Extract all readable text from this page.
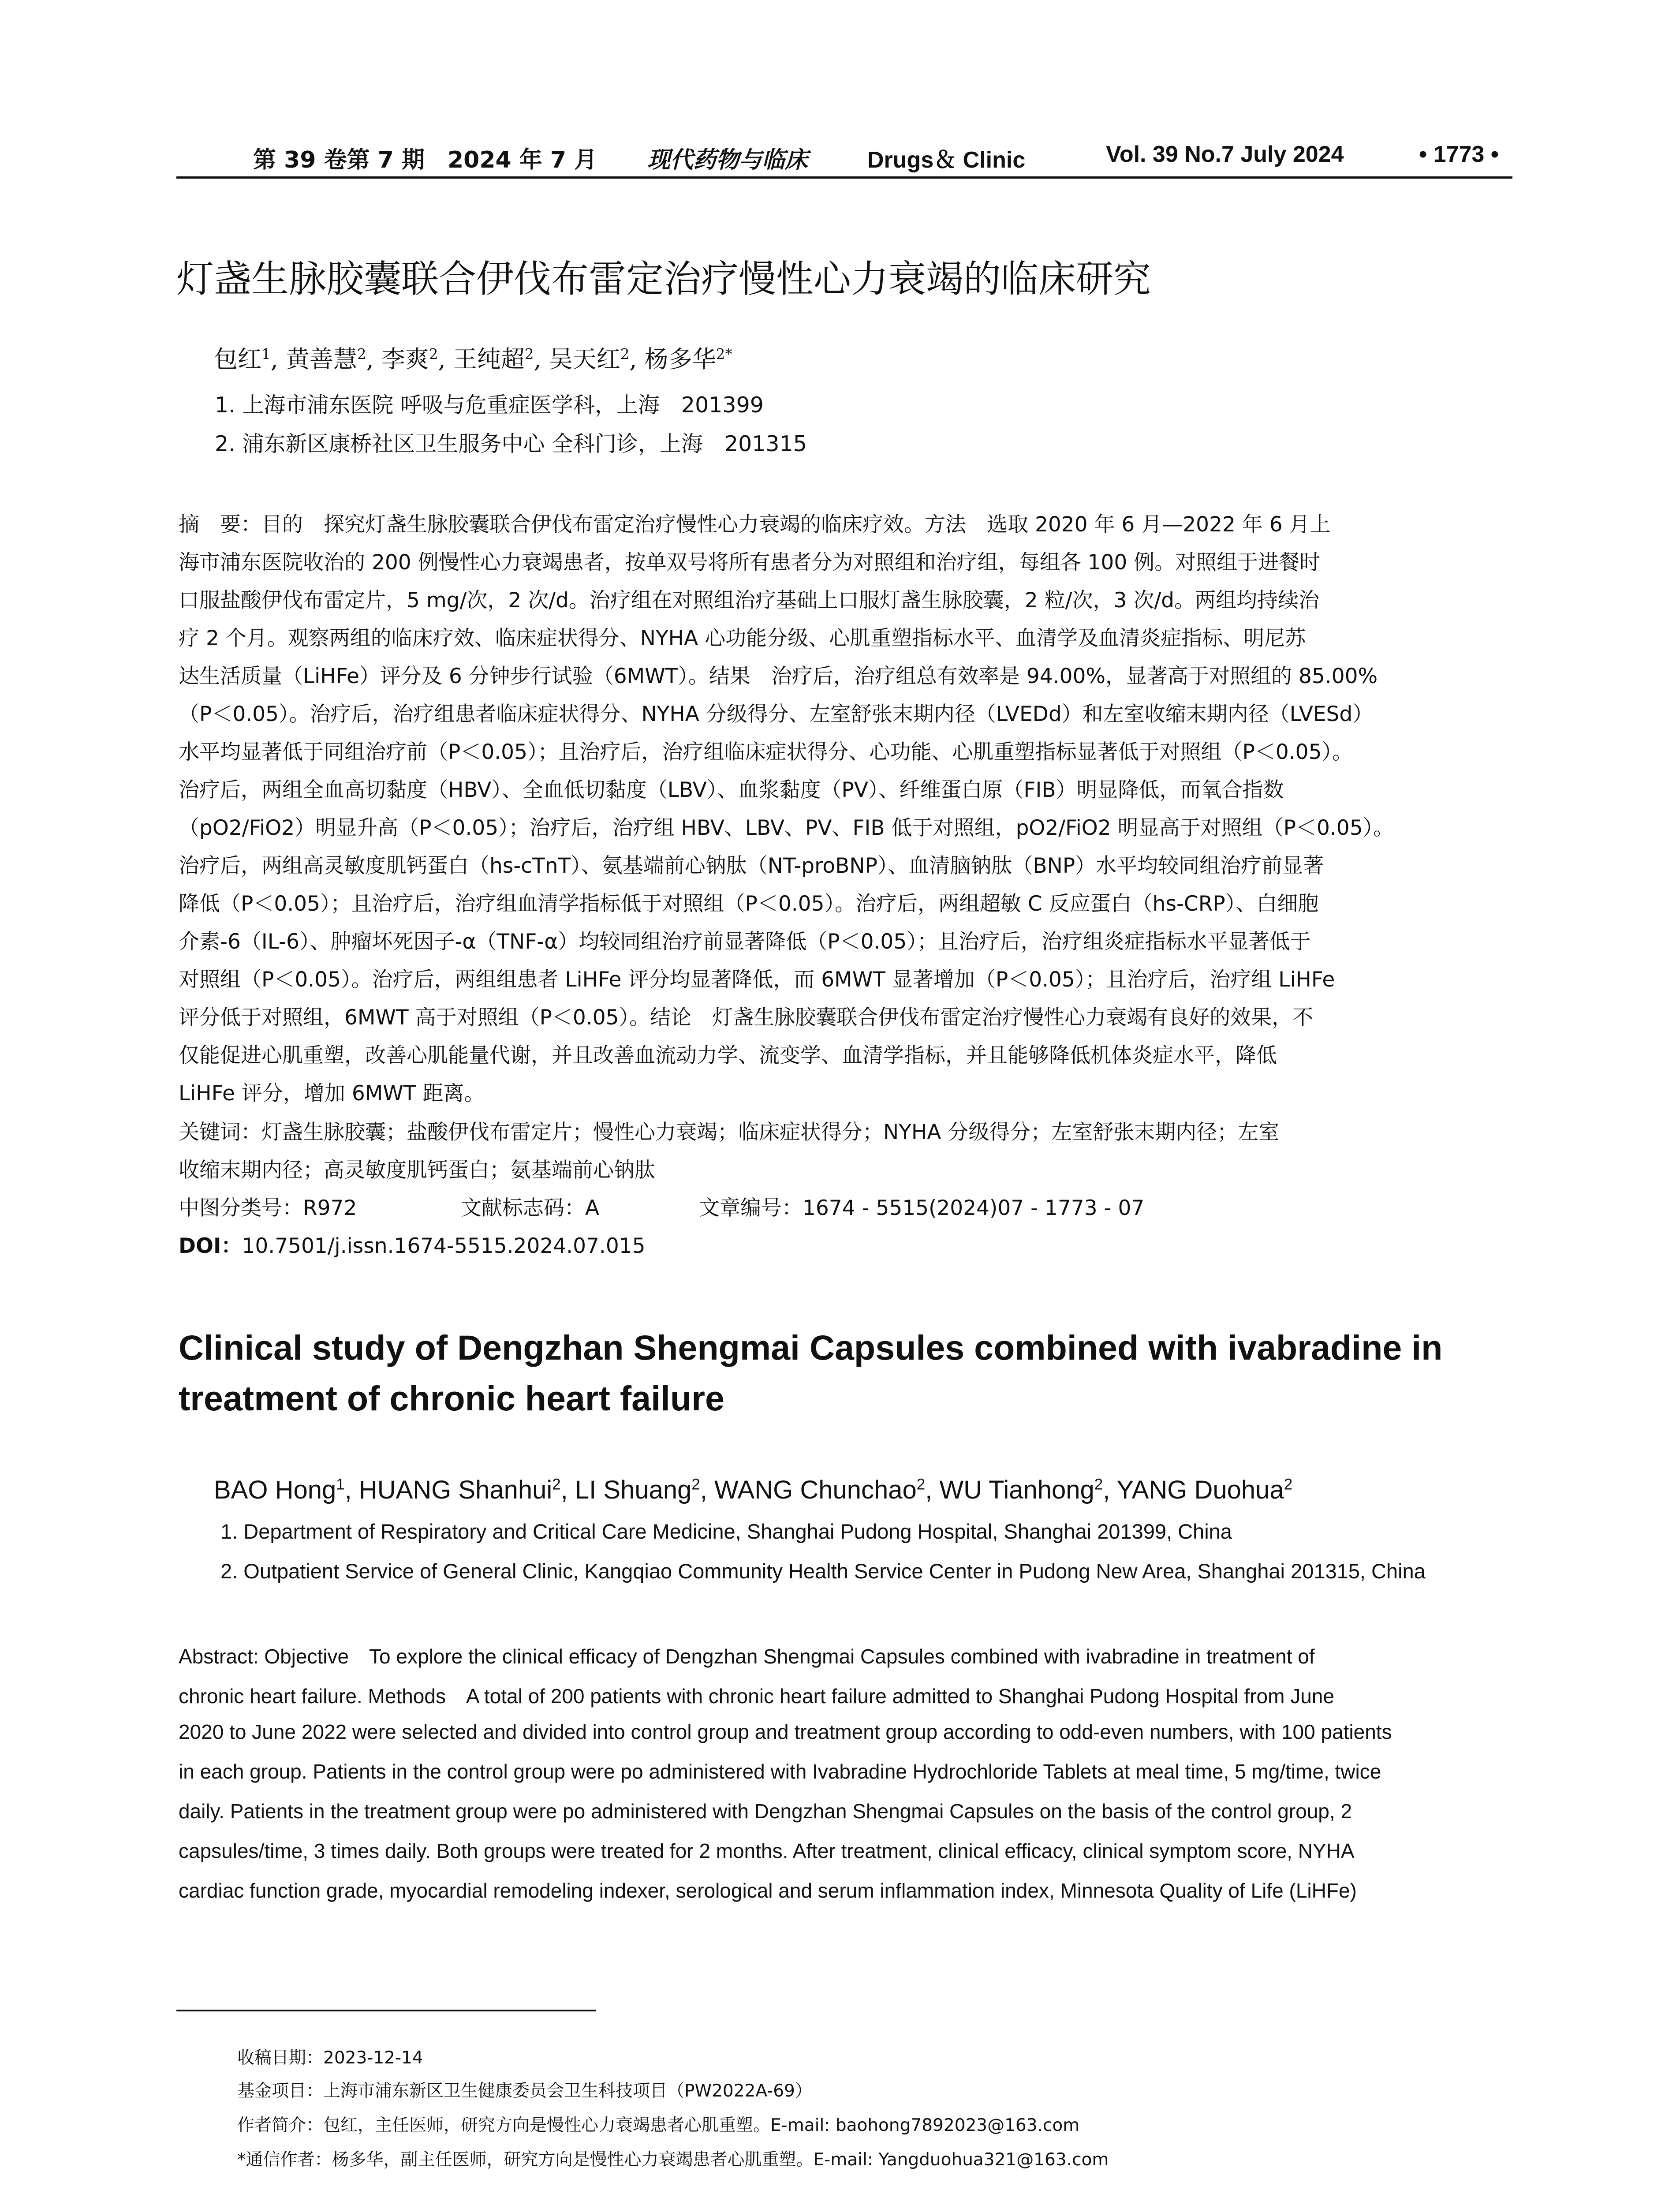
第 39 卷第 7 期　2024 年 7 月 现代药物与临床	Drugs＆ Clinic	Vol. 39 No.7 July 2024	• 1773 •
灯盏生脉胶囊联合伊伐布雷定治疗慢性心力衰竭的临床研究
包红$^1$, 黄善慧$^2$, 李爽$^2$, 王纯超$^2$, 吴天红$^2$, 杨多华$^{2*}$
1. 上海市浦东医院 呼吸与危重症医学科，上海　201399
2. 浦东新区康桥社区卫生服务中心 全科门诊，上海　201315
摘　要：目的　探究灯盏生脉胶囊联合伊伐布雷定治疗慢性心力衰竭的临床疗效。方法　选取 2020 年 6 月—2022 年 6 月上
海市浦东医院收治的 200 例慢性心力衰竭患者，按单双号将所有患者分为对照组和治疗组，每组各 100 例。对照组于进餐时
口服盐酸伊伐布雷定片，5 mg/次，2 次/d。治疗组在对照组治疗基础上口服灯盏生脉胶囊，2 粒/次，3 次/d。两组均持续治
疗 2 个月。观察两组的临床疗效、临床症状得分、NYHA 心功能分级、心肌重塑指标水平、血清学及血清炎症指标、明尼苏
达生活质量（LiHFe）评分及 6 分钟步行试验（6MWT）。结果　治疗后，治疗组总有效率是 94.00%，显著高于对照组的 85.00%
（P＜0.05）。治疗后，治疗组患者临床症状得分、NYHA 分级得分、左室舒张末期内径（LVEDd）和左室收缩末期内径（LVESd）
水平均显著低于同组治疗前（P＜0.05）；且治疗后，治疗组临床症状得分、心功能、心肌重塑指标显著低于对照组（P＜0.05）。
治疗后，两组全血高切黏度（HBV）、全血低切黏度（LBV）、血浆黏度（PV）、纤维蛋白原（FIB）明显降低，而氧合指数
（pO2/FiO2）明显升高（P＜0.05）；治疗后，治疗组 HBV、LBV、PV、FIB 低于对照组，pO2/FiO2 明显高于对照组（P＜0.05）。
治疗后，两组高灵敏度肌钙蛋白（hs-cTnT）、氨基端前心钠肽（NT-proBNP）、血清脑钠肽（BNP）水平均较同组治疗前显著
降低（P＜0.05）；且治疗后，治疗组血清学指标低于对照组（P＜0.05）。治疗后，两组超敏 C 反应蛋白（hs-CRP）、白细胞
介素-6（IL-6）、肿瘤坏死因子-α（TNF-α）均较同组治疗前显著降低（P＜0.05）；且治疗后，治疗组炎症指标水平显著低于
对照组（P＜0.05）。治疗后，两组组患者 LiHFe 评分均显著降低，而 6MWT 显著增加（P＜0.05）；且治疗后，治疗组 LiHFe
评分低于对照组，6MWT 高于对照组（P＜0.05）。结论　灯盏生脉胶囊联合伊伐布雷定治疗慢性心力衰竭有良好的效果，不
仅能促进心肌重塑，改善心肌能量代谢，并且改善血流动力学、流变学、血清学指标，并且能够降低机体炎症水平，降低
LiHFe 评分，增加 6MWT 距离。
关键词：灯盏生脉胶囊；盐酸伊伐布雷定片；慢性心力衰竭；临床症状得分；NYHA 分级得分；左室舒张末期内径；左室
收缩末期内径；高灵敏度肌钙蛋白；氨基端前心钠肽
中图分类号：R972	文献标志码：A	文章编号：1674 - 5515(2024)07 - 1773 - 07
DOI：10.7501/j.issn.1674-5515.2024.07.015
Clinical study of Dengzhan Shengmai Capsules combined with ivabradine in
treatment of chronic heart failure
BAO Hong$^1$, HUANG Shanhui$^2$, LI Shuang$^2$, WANG Chunchao$^2$, WU Tianhong$^2$, YANG Duohua$^2$
1. Department of Respiratory and Critical Care Medicine, Shanghai Pudong Hospital, Shanghai 201399, China
2. Outpatient Service of General Clinic, Kangqiao Community Health Service Center in Pudong New Area, Shanghai 201315, China
Abstract: Objective　To explore the clinical efficacy of Dengzhan Shengmai Capsules combined with ivabradine in treatment of
chronic heart failure. Methods　A total of 200 patients with chronic heart failure admitted to Shanghai Pudong Hospital from June
2020 to June 2022 were selected and divided into control group and treatment group according to odd-even numbers, with 100 patients
in each group. Patients in the control group were po administered with Ivabradine Hydrochloride Tablets at meal time, 5 mg/time, twice
daily. Patients in the treatment group were po administered with Dengzhan Shengmai Capsules on the basis of the control group, 2
capsules/time, 3 times daily. Both groups were treated for 2 months. After treatment, clinical efficacy, clinical symptom score, NYHA
cardiac function grade, myocardial remodeling indexer, serological and serum inflammation index, Minnesota Quality of Life (LiHFe)
收稿日期：2023-12-14
基金项目：上海市浦东新区卫生健康委员会卫生科技项目（PW2022A-69）
作者简介：包红，主任医师，研究方向是慢性心力衰竭患者心肌重塑。E-mail: baohong7892023@163.com
*通信作者：杨多华，副主任医师，研究方向是慢性心力衰竭患者心肌重塑。E-mail: Yangduohua321@163.com
